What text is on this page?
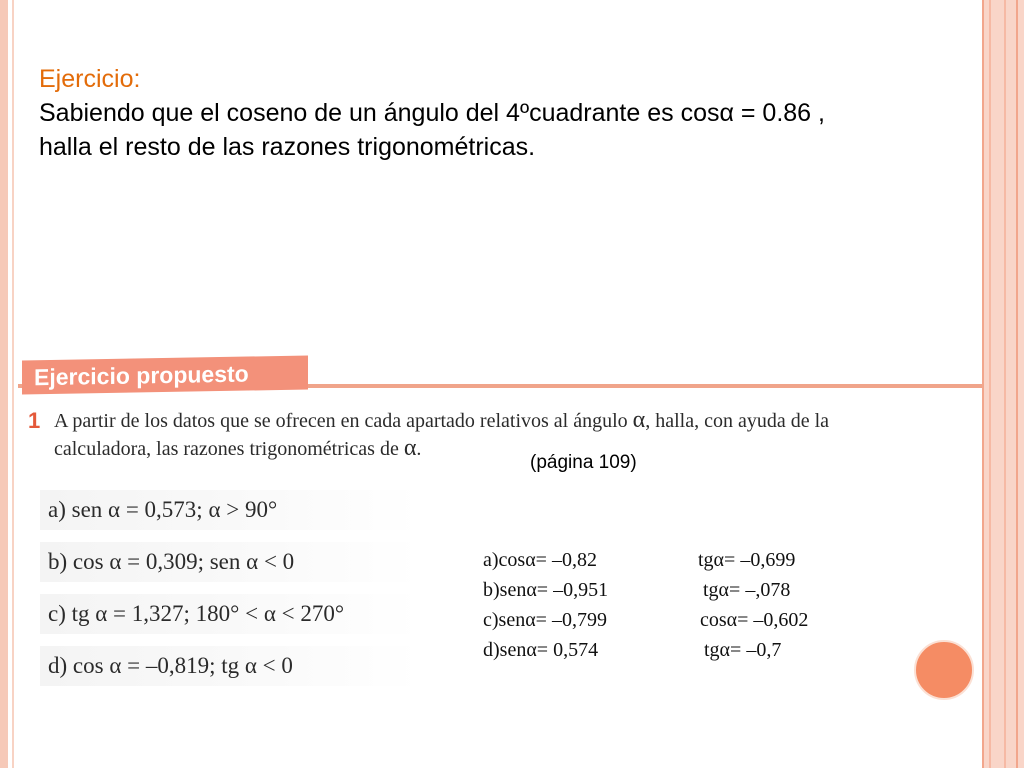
Ejercicio:
Sabiendo que el coseno de un ángulo del 4ºcuadrante es cosα = 0.86 ,
halla el resto de las razones trigonométricas.
Ejercicio propuesto
1 A partir de los datos que se ofrecen en cada apartado relativos al ángulo α, halla, con ayuda de la
calculadora, las razones trigonométricas de α.
(página 109)
a) sen α = 0,573; α > 90°
b) cos α = 0,309; sen α < 0
c) tg α = 1,327; 180° < α < 270°
d) cos α = –0,819; tg α < 0
a)cosα= –0,82	tgα= –0,699
b)senα= –0,951	tgα= –,078
c)senα= –0,799	cosα= –0,602
d)senα= 0,574	tgα= –0,7
